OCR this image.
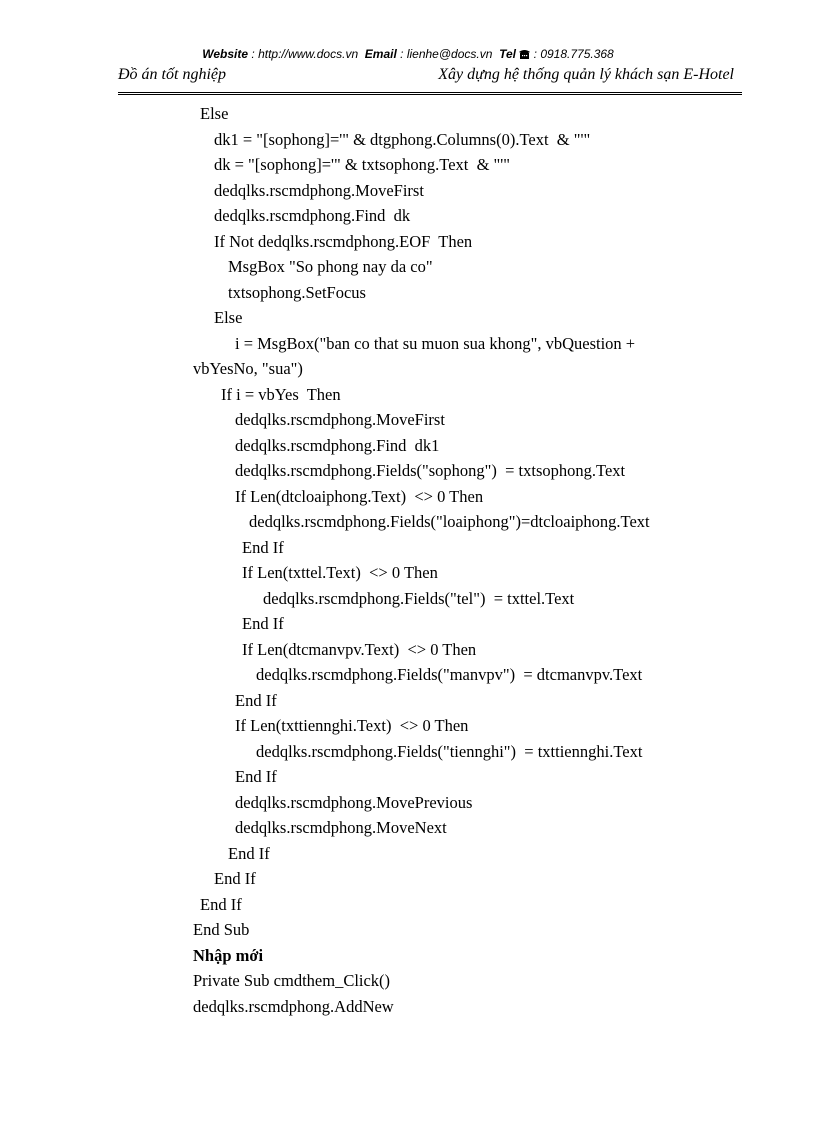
Website : http://www.docs.vn Email : lienhe@docs.vn Tel : 0918.775.368
Đồ án tốt nghiệp	Xây dựng hệ thống quản lý khách sạn E-Hotel
Else
dk1 = "[sophong]='" & dtgphong.Columns(0).Text  & "'"
dk = "[sophong]='" & txtsophong.Text  & "'"
dedqlks.rscmdphong.MoveFirst
dedqlks.rscmdphong.Find  dk
If Not dedqlks.rscmdphong.EOF  Then
MsgBox "So phong nay da co"
txtsophong.SetFocus
Else
i = MsgBox("ban co that su muon sua khong", vbQuestion +
vbYesNo, "sua")
If i = vbYes  Then
dedqlks.rscmdphong.MoveFirst
dedqlks.rscmdphong.Find  dk1
dedqlks.rscmdphong.Fields("sophong")  = txtsophong.Text
If Len(dtcloaiphong.Text)  <> 0 Then
dedqlks.rscmdphong.Fields("loaiphong")=dtcloaiphong.Text
End If
If Len(txttel.Text)  <> 0 Then
dedqlks.rscmdphong.Fields("tel")  = txttel.Text
End If
If Len(dtcmanvpv.Text)  <> 0 Then
dedqlks.rscmdphong.Fields("manvpv")  = dtcmanvpv.Text
End If
If Len(txttiennghi.Text)  <> 0 Then
dedqlks.rscmdphong.Fields("tiennghi")  = txttiennghi.Text
End If
dedqlks.rscmdphong.MovePrevious
dedqlks.rscmdphong.MoveNext
End If
End If
End If
End Sub
Nhập mới
Private Sub cmdthem_Click()
dedqlks.rscmdphong.AddNew
